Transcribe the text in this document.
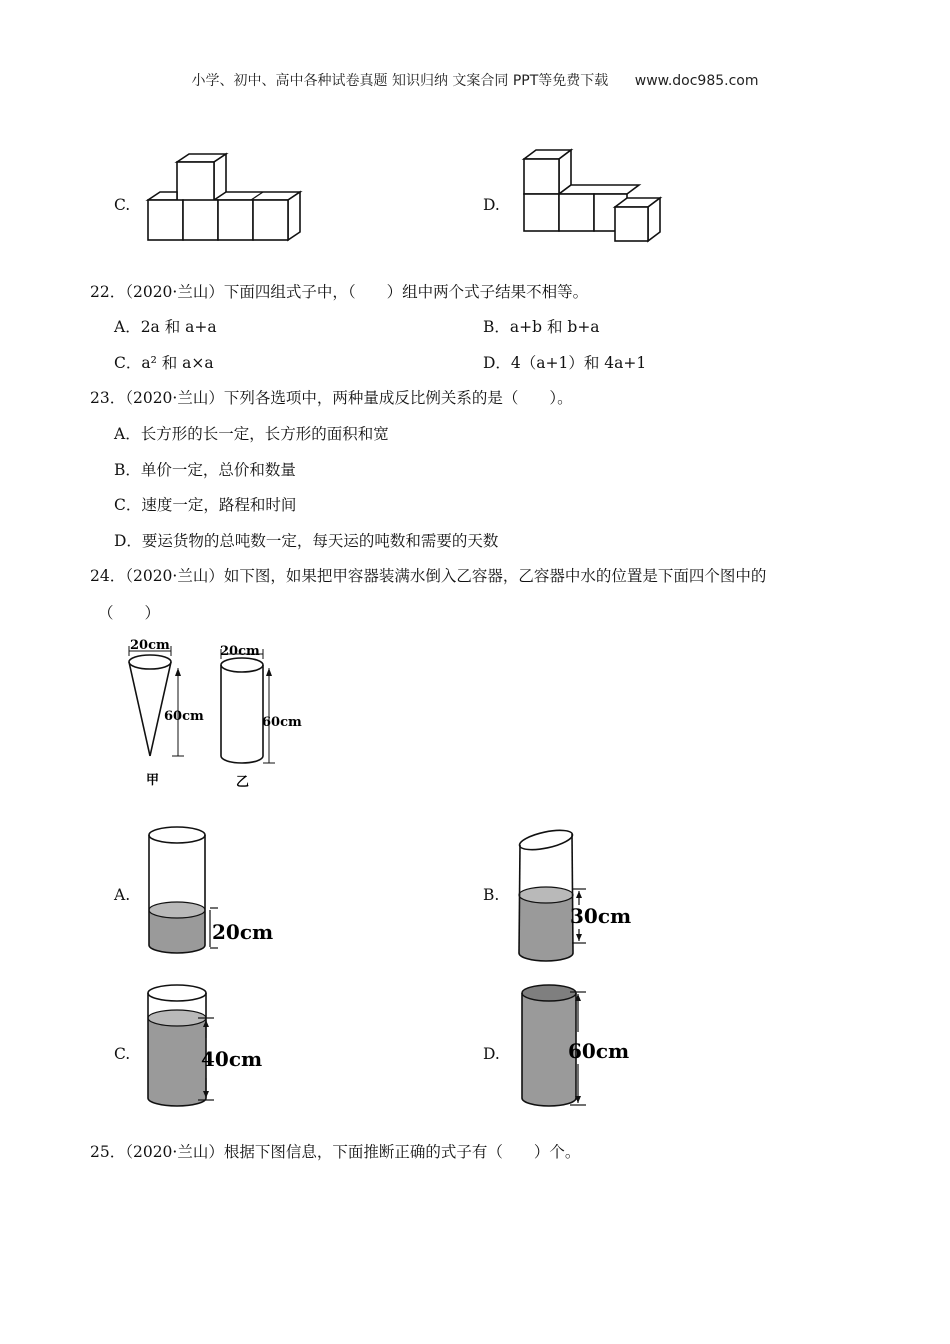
小学、初中、高中各种试卷真题 知识归纳 文案合同 PPT等免费下载 www.doc985.com
C.	D.
22．（2020·兰山）下面四组式子中，（　　）组中两个式子结果不相等。
A．2a 和 a+a	B．a+b 和 b+a
C．a² 和 a×a	D．4（a+1）和 4a+1
23．（2020·兰山）下列各选项中，两种量成反比例关系的是（　　）。
A．长方形的长一定，长方形的面积和宽
B．单价一定，总价和数量
C．速度一定，路程和时间
D．要运货物的总吨数一定，每天运的吨数和需要的天数
24．（2020·兰山）如下图，如果把甲容器装满水倒入乙容器，乙容器中水的位置是下面四个图中的
（　　）
20cm
60cm
甲
20cm
60cm
乙
A.
20cm
B.
30cm
C.	40cm	D.	60cm
25．（2020·兰山）根据下图信息，下面推断正确的式子有（　　）个。
